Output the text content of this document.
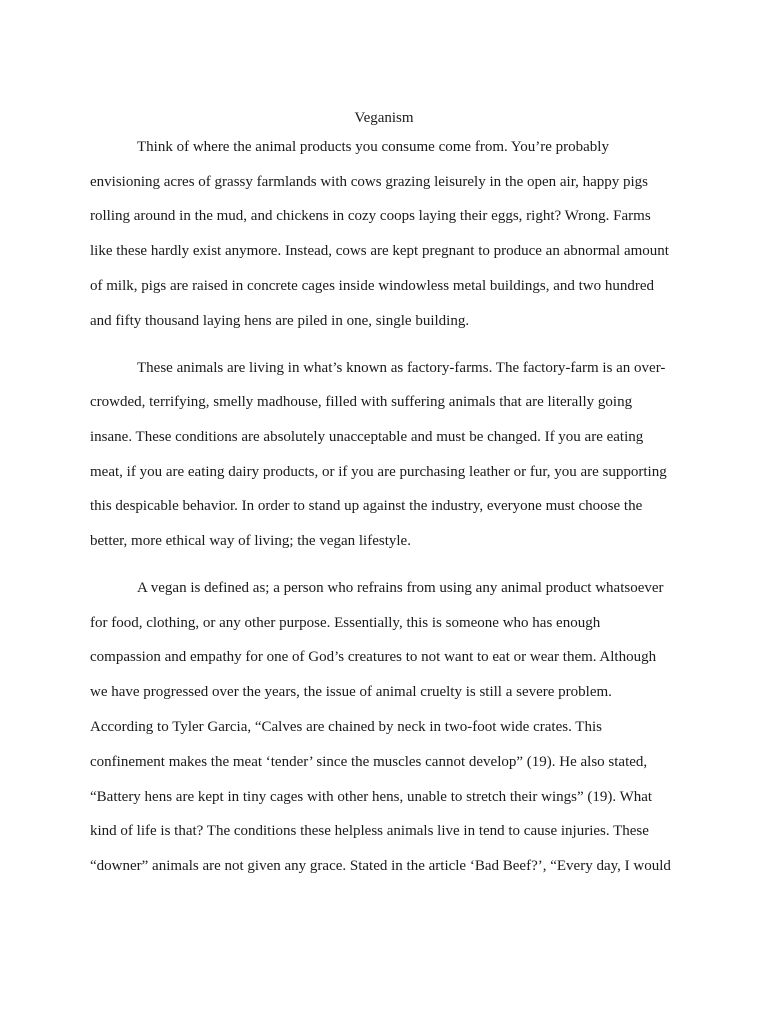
Veganism
Think of where the animal products you consume come from. You’re probably
envisioning acres of grassy farmlands with cows grazing leisurely in the open air, happy pigs
rolling around in the mud, and chickens in cozy coops laying their eggs, right? Wrong. Farms
like these hardly exist anymore. Instead, cows are kept pregnant to produce an abnormal amount
of milk, pigs are raised in concrete cages inside windowless metal buildings, and two hundred
and fifty thousand laying hens are piled in one, single building.
These animals are living in what’s known as factory-farms. The factory-farm is an over-
crowded, terrifying, smelly madhouse, filled with suffering animals that are literally going
insane. These conditions are absolutely unacceptable and must be changed. If you are eating
meat, if you are eating dairy products, or if you are purchasing leather or fur, you are supporting
this despicable behavior. In order to stand up against the industry, everyone must choose the
better, more ethical way of living; the vegan lifestyle.
A vegan is defined as; a person who refrains from using any animal product whatsoever
for food, clothing, or any other purpose. Essentially, this is someone who has enough
compassion and empathy for one of God’s creatures to not want to eat or wear them. Although
we have progressed over the years, the issue of animal cruelty is still a severe problem.
According to Tyler Garcia, “Calves are chained by neck in two-foot wide crates. This
confinement makes the meat ‘tender’ since the muscles cannot develop” (19). He also stated,
“Battery hens are kept in tiny cages with other hens, unable to stretch their wings” (19). What
kind of life is that? The conditions these helpless animals live in tend to cause injuries. These
“downer” animals are not given any grace. Stated in the article ‘Bad Beef?’, “Every day, I would
